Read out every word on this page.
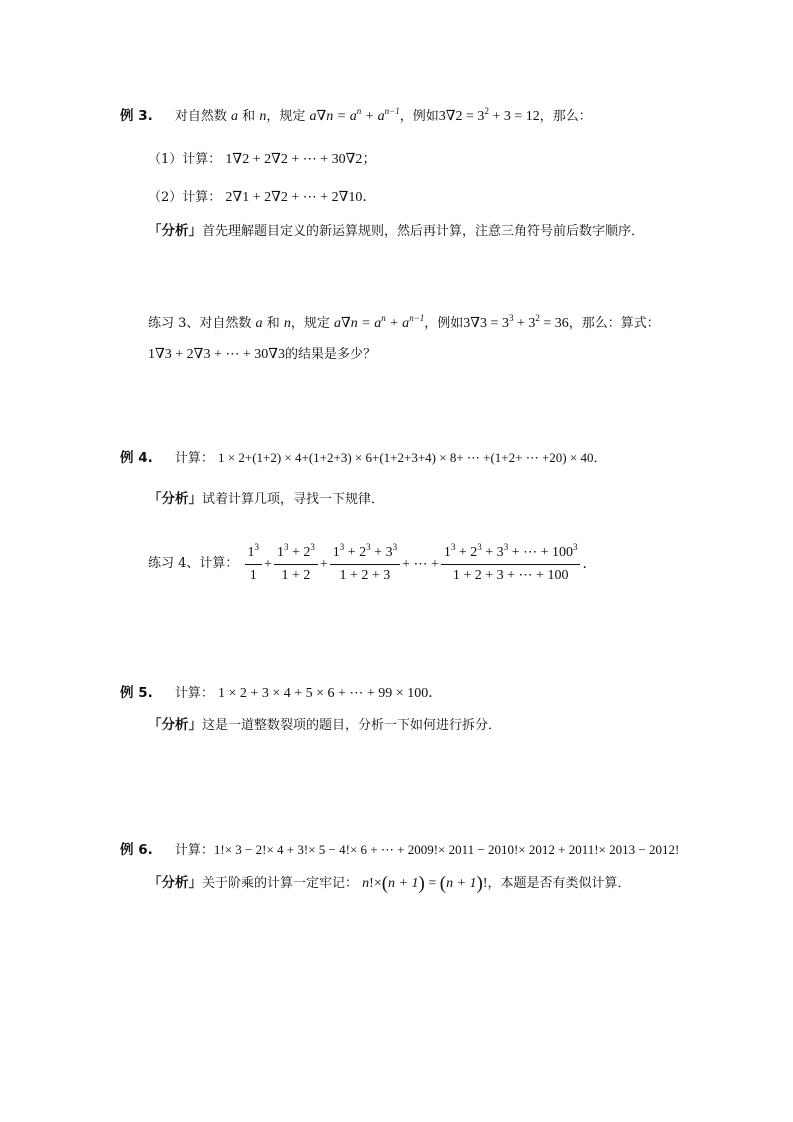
例 3. 对自然数 a 和 n，规定 $a\nabla n = a^n + a^{n-1}$，例如$3\nabla 2 = 3^2 + 3 = 12$，那么：
（1）计算： 1∇2 + 2∇2 + ⋯ + 30∇2；
（2）计算： 2∇1 + 2∇2 + ⋯ + 2∇10．
「分析」首先理解题目定义的新运算规则，然后再计算，注意三角符号前后数字顺序．
练习 3、对自然数 a 和 n，规定 $a\nabla n = a^n + a^{n-1}$，例如$3\nabla 3 = 3^3 + 3^2 = 36$，那么：算式：
1∇3 + 2∇3 + ⋯ + 30∇3的结果是多少？
例 4. 计算： 1 × 2+(1+2) × 4+(1+2+3) × 6+(1+2+3+4) × 8+ ⋯ +(1+2+ ⋯ +20) × 40．
「分析」试着计算几项，寻找一下规律．
练习 4、计算： $\frac{1^3}{1} + \frac{1^3 + 2^3}{1 + 2} + \frac{1^3 + 2^3 + 3^3}{1 + 2 + 3}$ + ⋯ + $\frac{1^3 + 2^3 + 3^3 + \cdots + 100^3}{1 + 2 + 3 + \cdots + 100}$ ．
例 5. 计算： 1 × 2 + 3 × 4 + 5 × 6 + ⋯ + 99 × 100．
「分析」这是一道整数裂项的题目，分析一下如何进行拆分．
例 6. 计算：1!× 3 − 2!× 4 + 3!× 5 − 4!× 6 + ⋯ + 2009!× 2011 − 2010!× 2012 + 2011!× 2013 − 2012!
「分析」关于阶乘的计算一定牢记： n!×(n + 1) = (n + 1)!，本题是否有类似计算．
